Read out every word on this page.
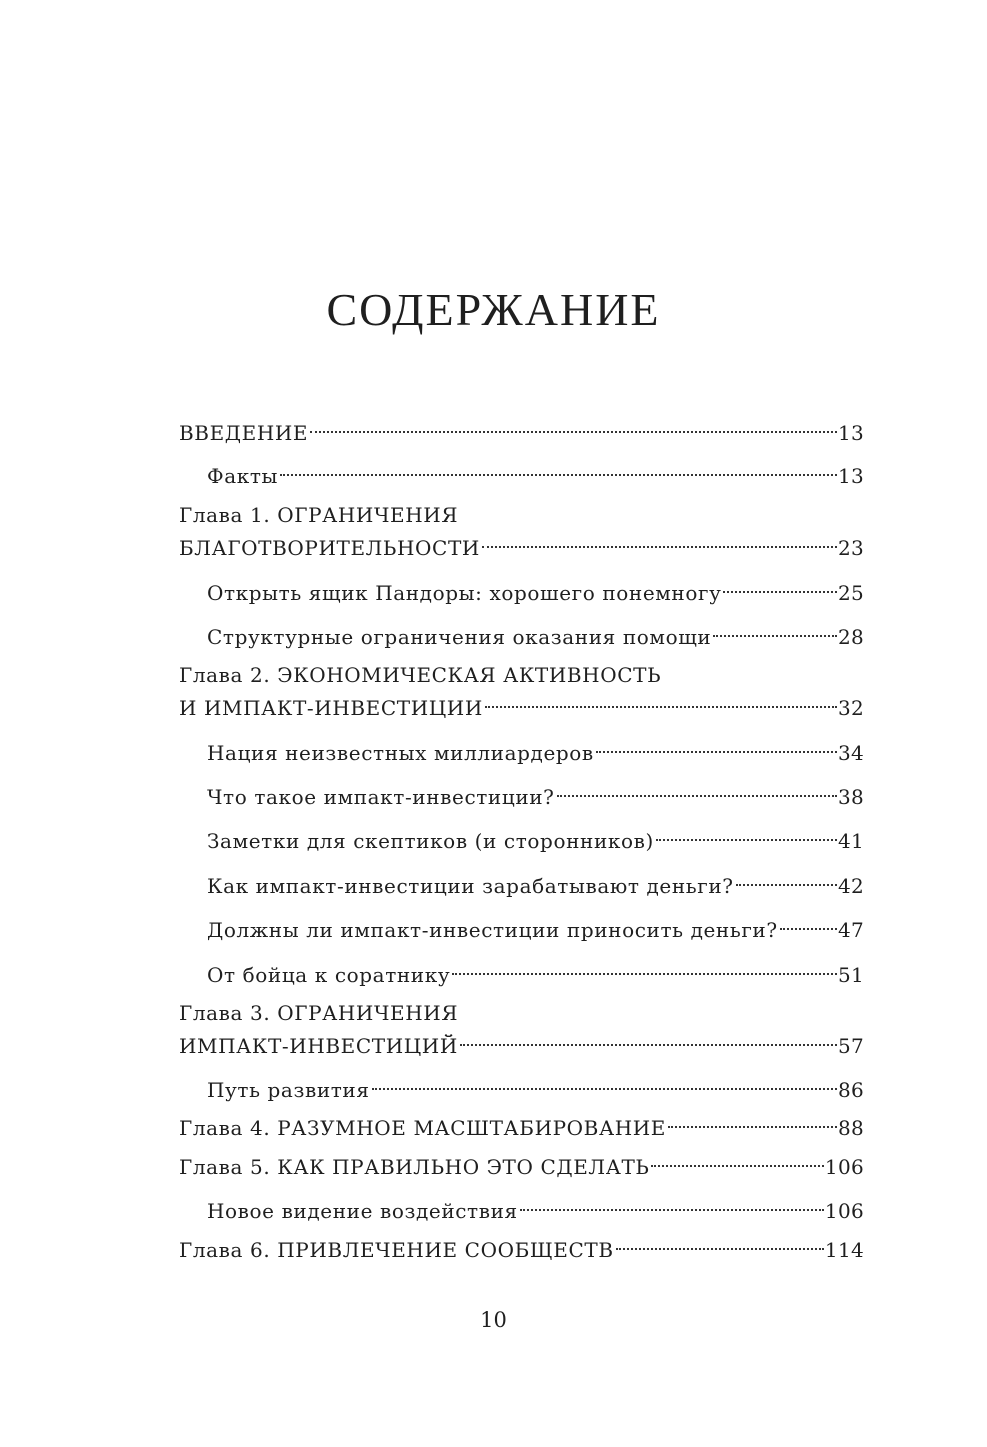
СОДЕРЖАНИЕ
ВВЕДЕНИЕ	13
Факты	13
Глава 1. ОГРАНИЧЕНИЯ
БЛАГОТВОРИТЕЛЬНОСТИ	23
Открыть ящик Пандоры: хорошего понемногу	25
Структурные ограничения оказания помощи	28
Глава 2. ЭКОНОМИЧЕСКАЯ АКТИВНОСТЬ
И ИМПАКТ-ИНВЕСТИЦИИ	32
Нация неизвестных миллиардеров	34
Что такое импакт-инвестиции?	38
Заметки для скептиков (и сторонников)	41
Как импакт-инвестиции зарабатывают деньги?	42
Должны ли импакт-инвестиции приносить деньги?	47
От бойца к соратнику	51
Глава 3. ОГРАНИЧЕНИЯ
ИМПАКТ-ИНВЕСТИЦИЙ	57
Путь развития	86
Глава 4. РАЗУМНОЕ МАСШТАБИРОВАНИЕ	88
Глава 5. КАК ПРАВИЛЬНО ЭТО СДЕЛАТЬ	106
Новое видение воздействия	106
Глава 6. ПРИВЛЕЧЕНИЕ СООБЩЕСТВ	114
10
